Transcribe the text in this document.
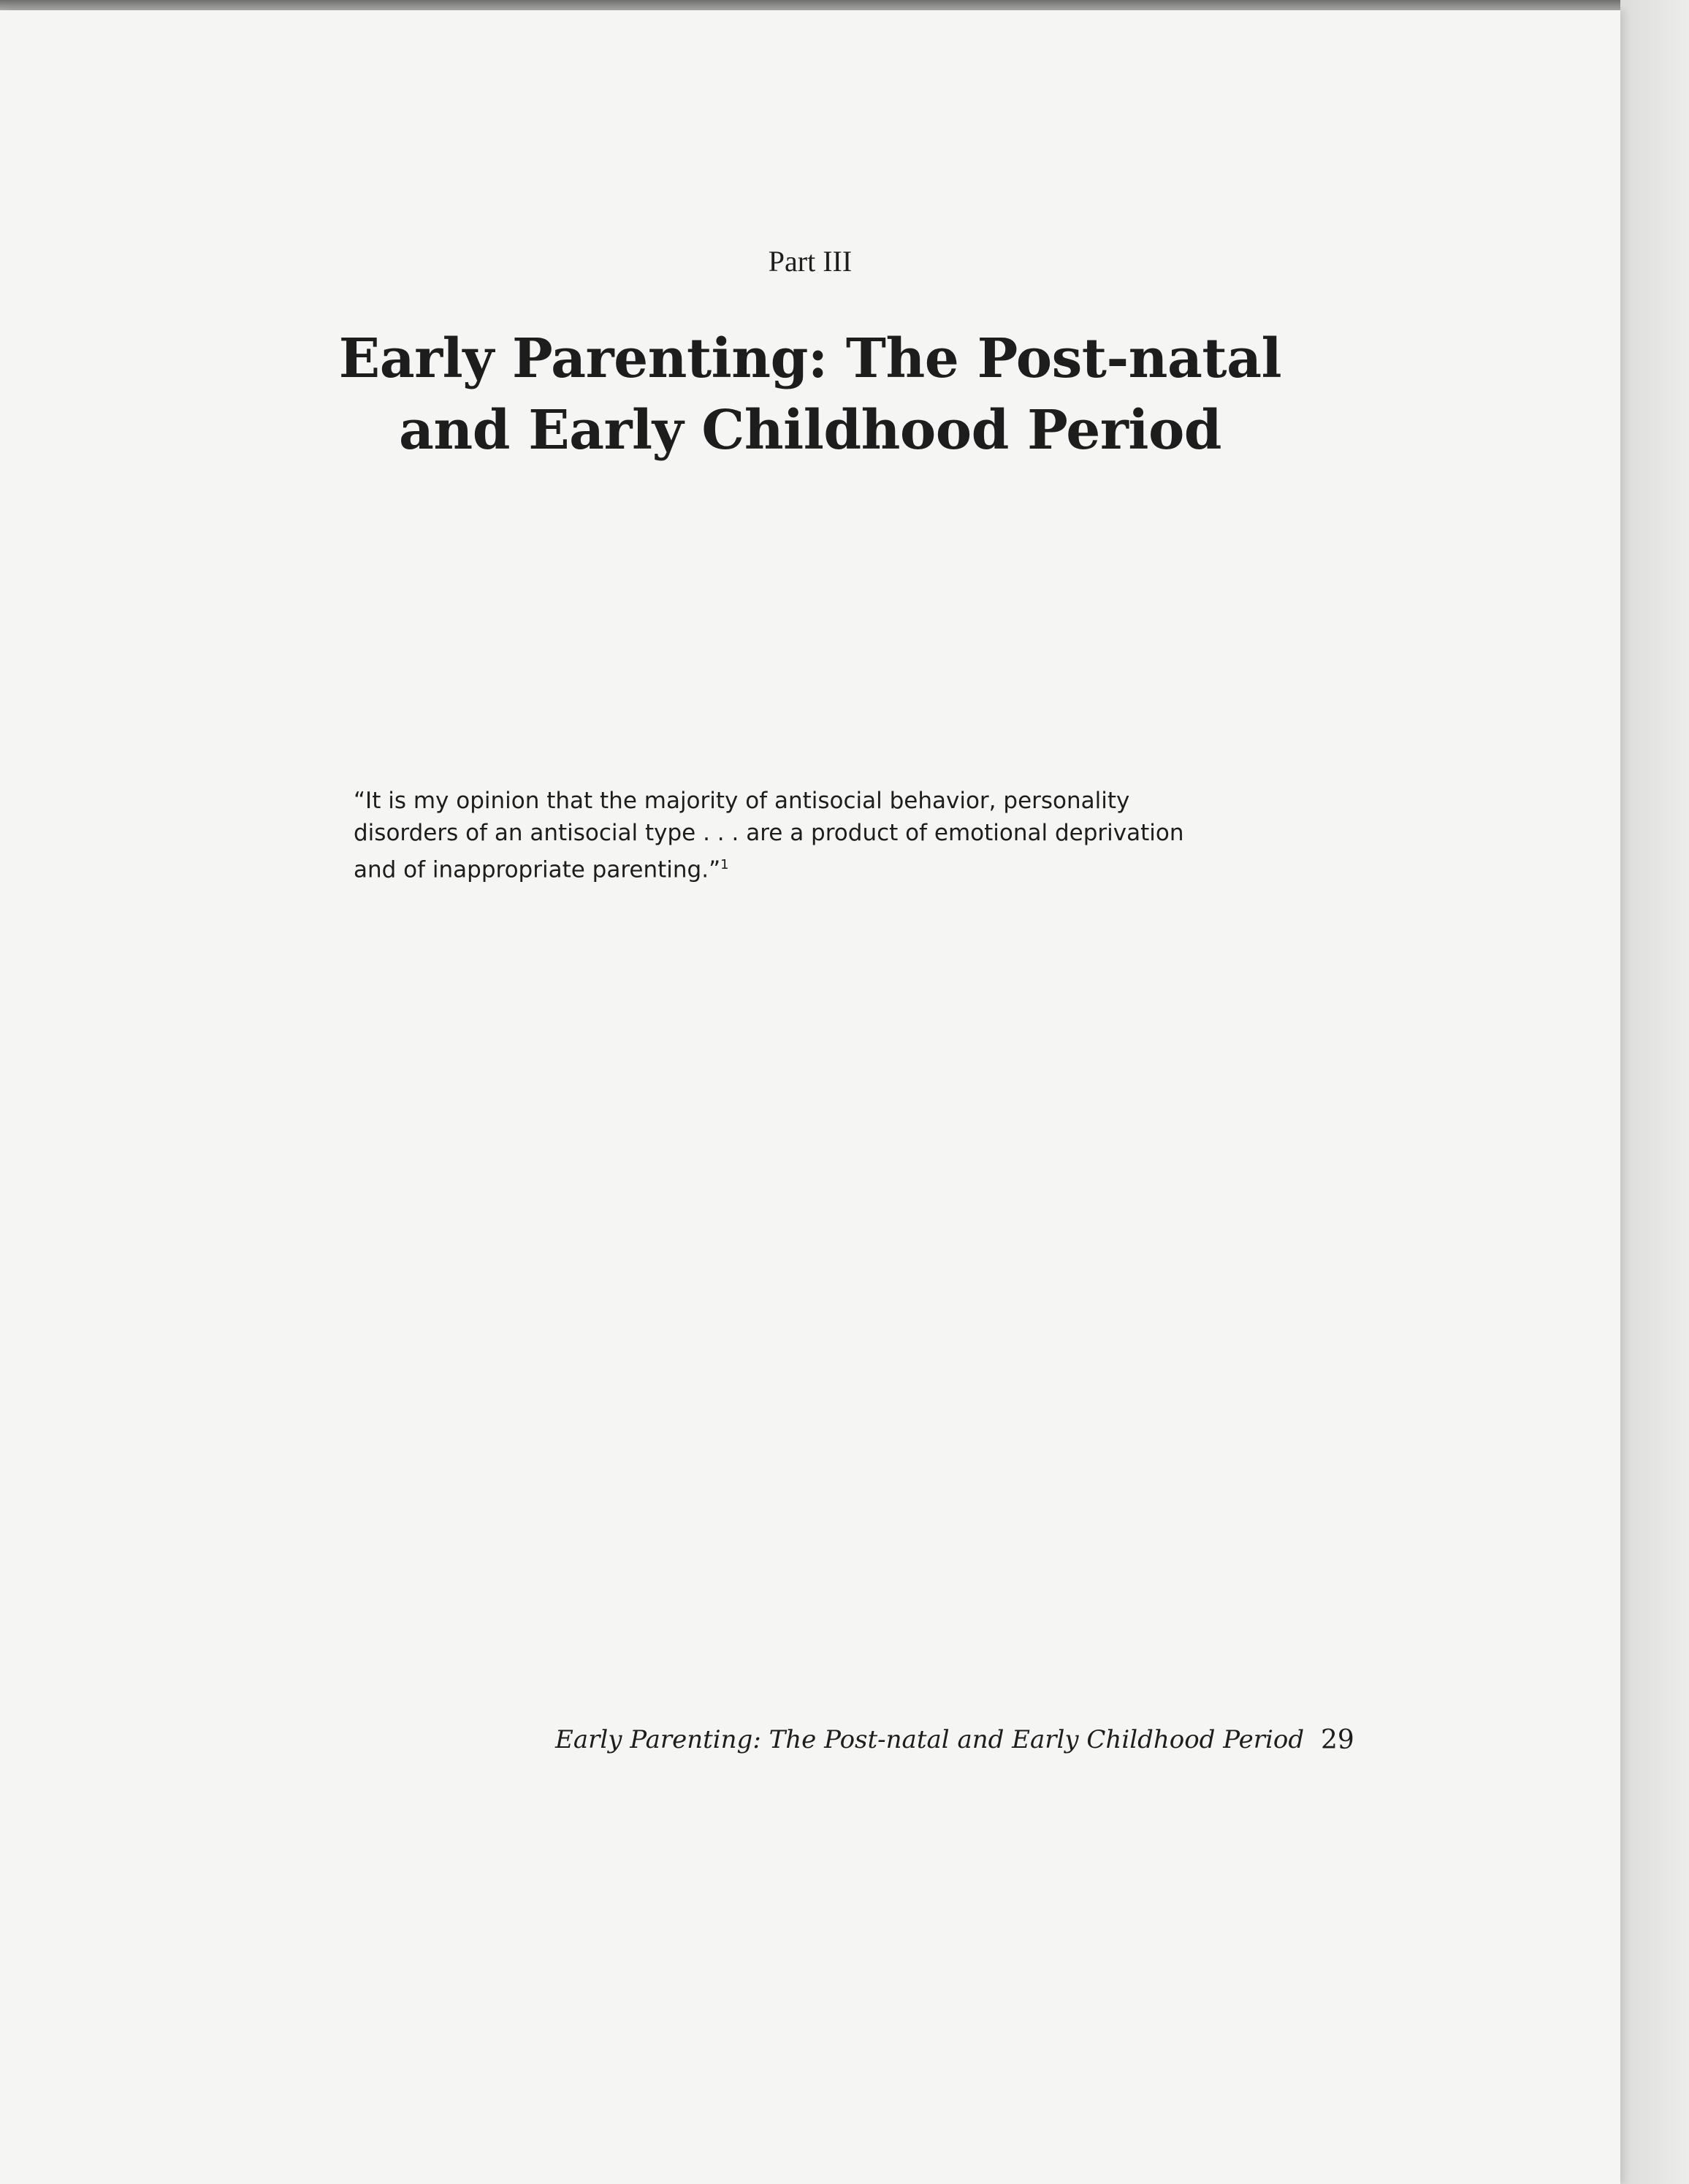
Part III
Early Parenting: The Post-natal
and Early Childhood Period
“It is my opinion that the majority of antisocial behavior, personality
disorders of an antisocial type . . . are a product of emotional deprivation
and of inappropriate parenting.”$^1$
Early Parenting: The Post-natal and Early Childhood Period 29
